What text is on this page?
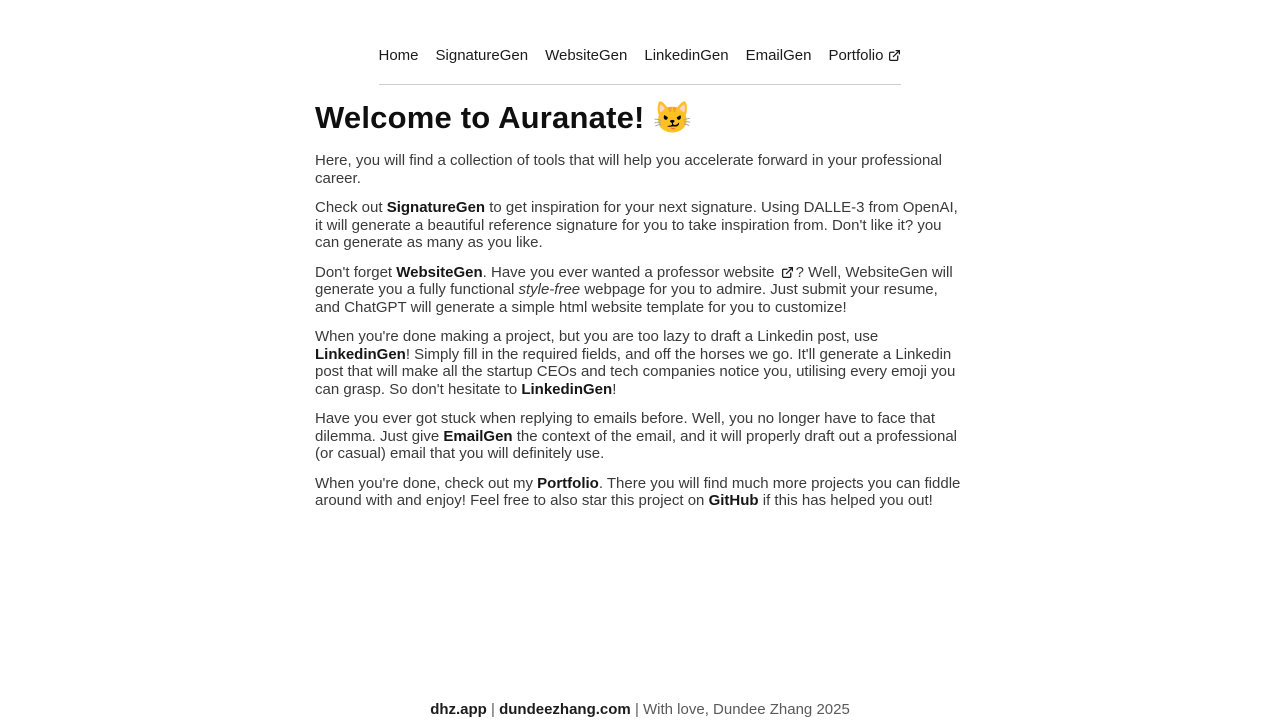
Home SignatureGen WebsiteGen LinkedinGen EmailGen Portfolio
Welcome to Auranate! 😼

Here, you will find a collection of tools that will help you accelerate forward in your professional career.

Check out SignatureGen to get inspiration for your next signature. Using DALLE-3 from OpenAI, it will generate a beautiful reference signature for you to take inspiration from. Don't like it? you can generate as many as you like.

Don't forget WebsiteGen. Have you ever wanted a professor website
? Well, WebsiteGen will generate you a fully functional style-free webpage for you to admire. Just submit your resume, and ChatGPT will generate a simple html website template for you to customize!

When you're done making a project, but you are too lazy to draft a Linkedin post, use LinkedinGen! Simply fill in the required fields, and off the horses we go. It'll generate a Linkedin post that will make all the startup CEOs and tech companies notice you, utilising every emoji you can grasp. So don't hesitate to LinkedinGen!

Have you ever got stuck when replying to emails before. Well, you no longer have to face that dilemma. Just give EmailGen the context of the email, and it will properly draft out a professional (or casual) email that you will definitely use.

When you're done, check out my Portfolio. There you will find much more projects you can fiddle around with and enjoy! Feel free to also star this project on GitHub if this has helped you out!

dhz.app | dundeezhang.com | With love, Dundee Zhang 2025
